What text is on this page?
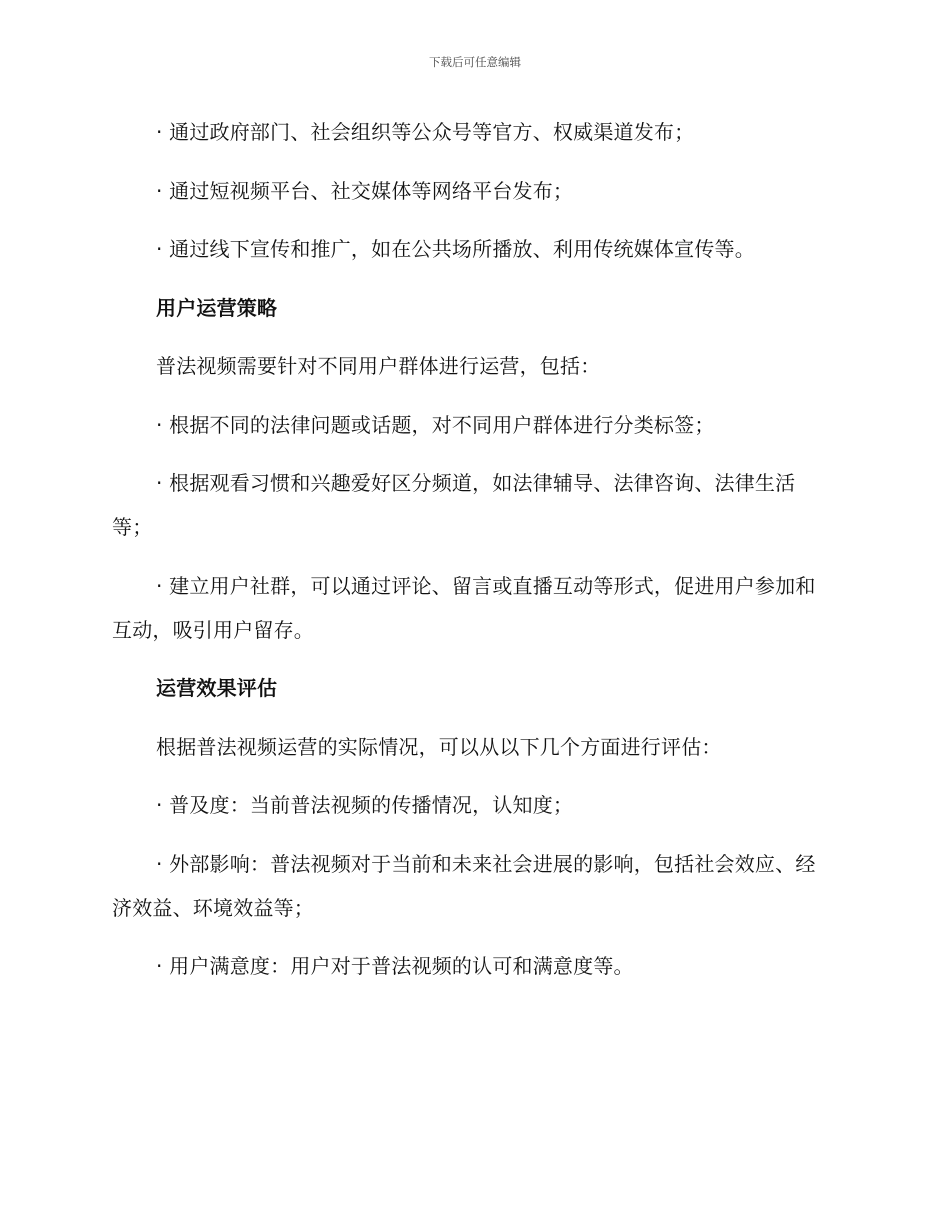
下载后可任意编辑

· 通过政府部门、社会组织等公众号等官方、权威渠道发布；

· 通过短视频平台、社交媒体等网络平台发布；

· 通过线下宣传和推广，如在公共场所播放、利用传统媒体宣传等。

用户运营策略

普法视频需要针对不同用户群体进行运营，包括：

· 根据不同的法律问题或话题，对不同用户群体进行分类标签；

· 根据观看习惯和兴趣爱好区分频道，如法律辅导、法律咨询、法律生活等；

· 建立用户社群，可以通过评论、留言或直播互动等形式，促进用户参加和互动，吸引用户留存。

运营效果评估

根据普法视频运营的实际情况，可以从以下几个方面进行评估：

· 普及度：当前普法视频的传播情况，认知度；

· 外部影响：普法视频对于当前和未来社会进展的影响，包括社会效应、经济效益、环境效益等；

· 用户满意度：用户对于普法视频的认可和满意度等。
